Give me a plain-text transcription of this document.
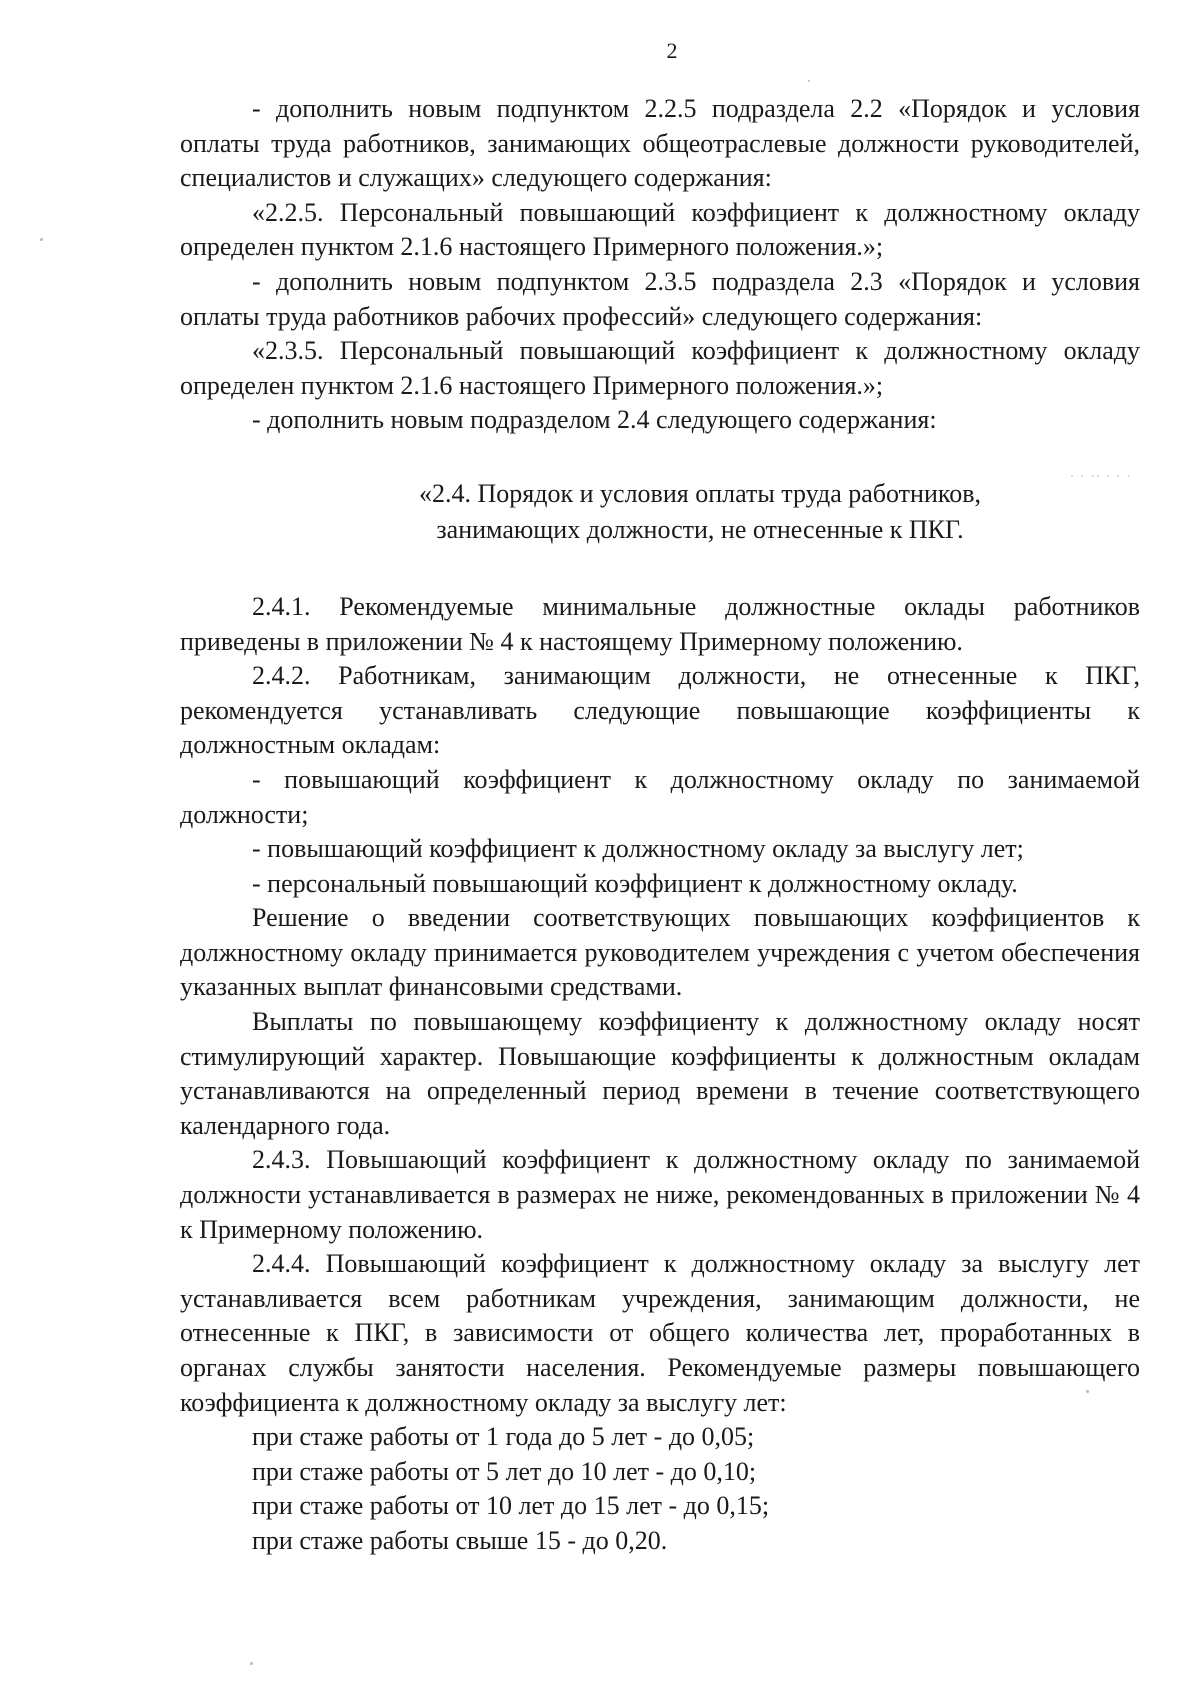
2
· · ·· · · ·

- дополнить новым подпунктом 2.2.5 подраздела 2.2 «Порядок и условия оплаты труда работников, занимающих общеотраслевые должности руководителей, специалистов и служащих» следующего содержания:

«2.2.5. Персональный повышающий коэффициент к должностному окладу определен пунктом 2.1.6 настоящего Примерного положения.»;

- дополнить новым подпунктом 2.3.5 подраздела 2.3 «Порядок и условия оплаты труда работников рабочих профессий» следующего содержания:

«2.3.5. Персональный повышающий коэффициент к должностному окладу определен пунктом 2.1.6 настоящего Примерного положения.»;

- дополнить новым подразделом 2.4 следующего содержания:

«2.4. Порядок и условия оплаты труда работников,
занимающих должности, не отнесенные к ПКГ.

2.4.1. Рекомендуемые минимальные должностные оклады работников приведены в приложении № 4 к настоящему Примерному положению.

2.4.2. Работникам, занимающим должности, не отнесенные к ПКГ, рекомендуется устанавливать следующие повышающие коэффициенты к должностным окладам:

- повышающий коэффициент к должностному окладу по занимаемой должности;

- повышающий коэффициент к должностному окладу за выслугу лет;

- персональный повышающий коэффициент к должностному окладу.

Решение о введении соответствующих повышающих коэффициентов к должностному окладу принимается руководителем учреждения с учетом обеспечения указанных выплат финансовыми средствами.

Выплаты по повышающему коэффициенту к должностному окладу носят стимулирующий характер. Повышающие коэффициенты к должностным окладам устанавливаются на определенный период времени в течение соответствующего календарного года.

2.4.3. Повышающий коэффициент к должностному окладу по занимаемой должности устанавливается в размерах не ниже, рекомендованных в приложении № 4 к Примерному положению.

2.4.4. Повышающий коэффициент к должностному окладу за выслугу лет устанавливается всем работникам учреждения, занимающим должности, не отнесенные к ПКГ, в зависимости от общего количества лет, проработанных в органах службы занятости населения. Рекомендуемые размеры повышающего коэффициента к должностному окладу за выслугу лет:

при стаже работы от 1 года до 5 лет - до 0,05;

при стаже работы от 5 лет до 10 лет - до 0,10;

при стаже работы от 10 лет до 15 лет - до 0,15;

при стаже работы свыше 15 - до 0,20.
